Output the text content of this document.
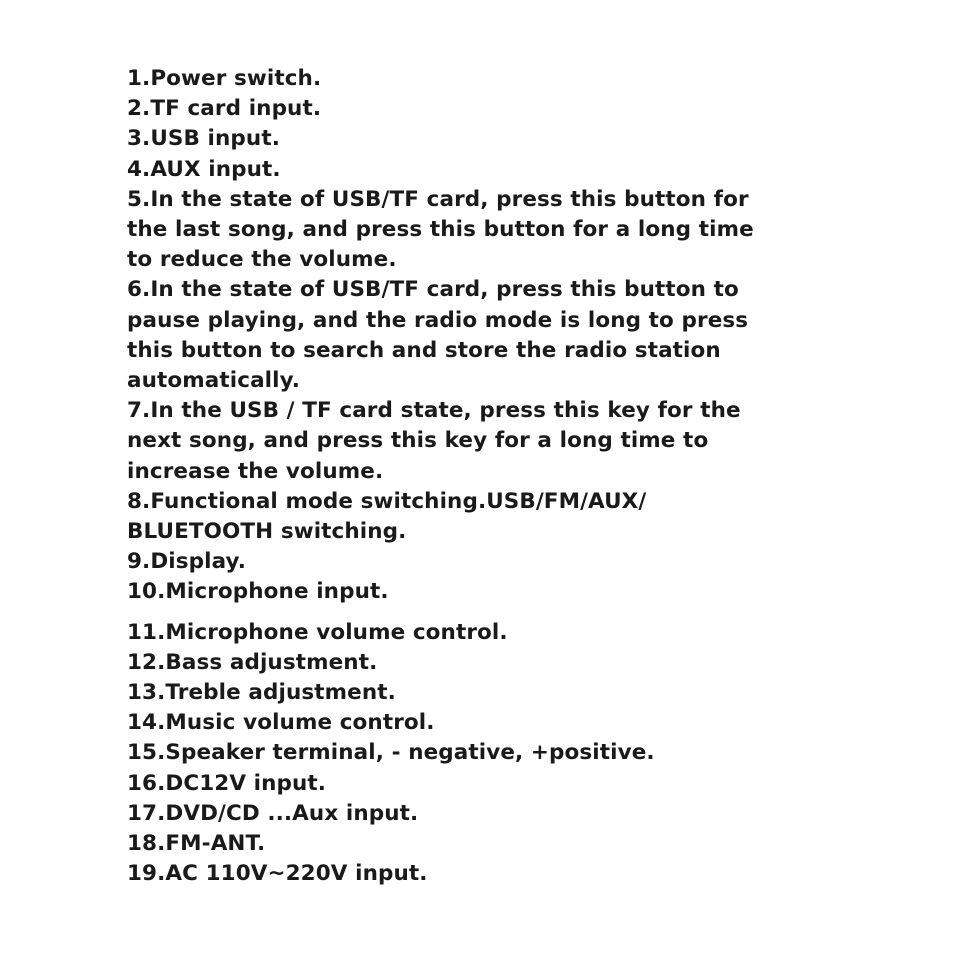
1.Power switch.
2.TF card input.
3.USB input.
4.AUX input.
5.In the state of USB/TF card, press this button for
the last song, and press this button for a long time
to reduce the volume.
6.In the state of USB/TF card, press this button to
pause playing, and the radio mode is long to press
this button to search and store the radio station
automatically.
7.In the USB / TF card state, press this key for the
next song, and press this key for a long time to
increase the volume.
8.Functional mode switching.USB/FM/AUX/
BLUETOOTH switching.
9.Display.
10.Microphone input.
11.Microphone volume control.
12.Bass adjustment.
13.Treble adjustment.
14.Music volume control.
15.Speaker terminal, - negative, +positive.
16.DC12V input.
17.DVD/CD ...Aux input.
18.FM-ANT.
19.AC 110V~220V input.
